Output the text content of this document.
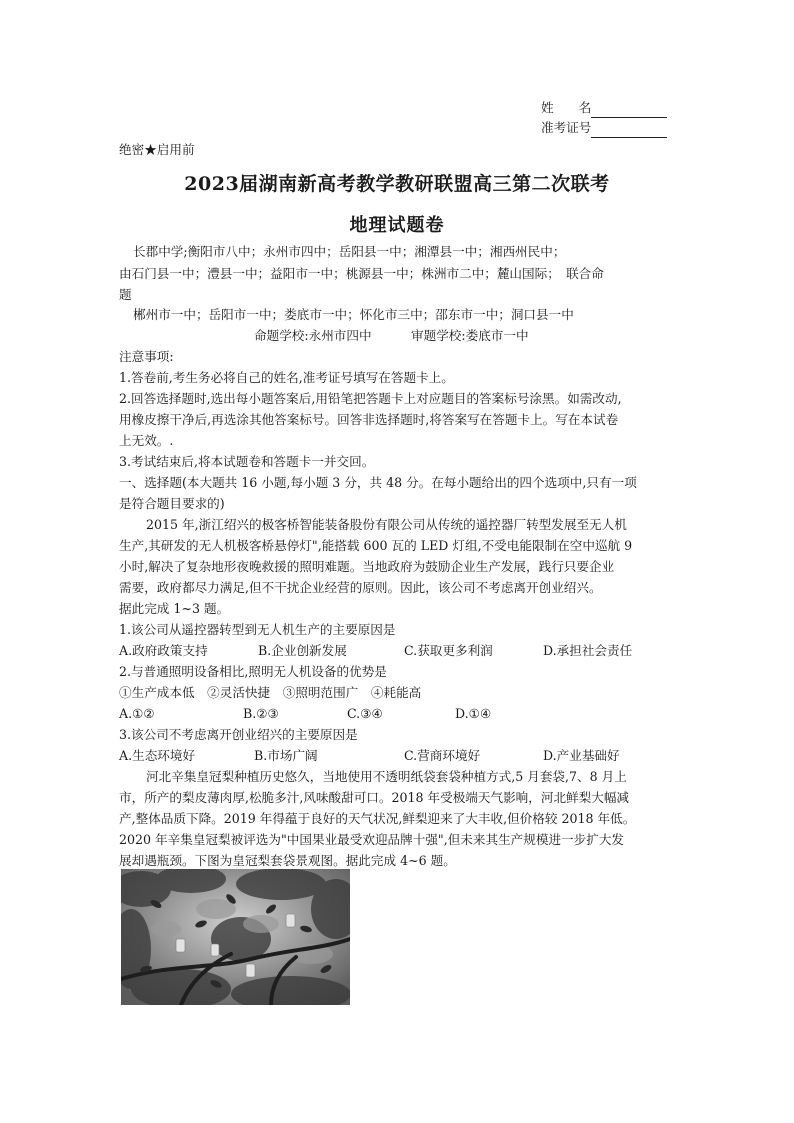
姓　　名
准考证号
绝密★启用前
2023届湖南新高考教学教研联盟高三第二次联考
地理试题卷
长郡中学;衡阳市八中；永州市四中；岳阳县一中；湘潭县一中；湘西州民中；
由石门县一中；澧县一中；益阳市一中；桃源县一中；株洲市二中；麓山国际；　联合命
题
郴州市一中；岳阳市一中；娄底市一中；怀化市三中；邵东市一中；洞口县一中
命题学校:永州市四中	审题学校:娄底市一中
注意事项:
1.答卷前,考生务必将自己的姓名,准考证号填写在答题卡上。
2.回答选择题时,选出每小题答案后,用铅笔把答题卡上对应题目的答案标号涂黑。如需改动,
用橡皮擦干净后,再选涂其他答案标号。回答非选择题时,将答案写在答题卡上。写在本试卷
上无效。.
3.考试结束后,将本试题卷和答题卡一并交回。
一、选择题(本大题共 16 小题,每小题 3 分，共 48 分。在每小题给出的四个选项中,只有一项
是符合题目要求的)
2015 年,浙江绍兴的极客桥智能装备股份有限公司从传统的遥控器厂转型发展至无人机
生产,其研发的无人机极客桥悬停灯",能搭载 600 瓦的 LED 灯组,不受电能限制在空中巡航 9
小时,解决了复杂地形夜晚救援的照明难题。当地政府为鼓励企业生产发展，践行只要企业
需要，政府都尽力满足,但不干扰企业经营的原则。因此，该公司不考虑离开创业绍兴。
据此完成 1~3 题。
1.该公司从遥控器转型到无人机生产的主要原因是
A.政府政策支持	B.企业创新发展	C.获取更多利润	D.承担社会责任
2.与普通照明设备相比,照明无人机设备的优势是
①生产成本低　②灵活快捷　③照明范围广　④耗能高
A.①②	B.②③	C.③④	D.①④
3.该公司不考虑离开创业绍兴的主要原因是
A.生态环境好	B.市场广阔	C.营商环境好	D.产业基础好
河北辛集皇冠梨种植历史悠久，当地使用不透明纸袋套袋种植方式,5 月套袋,7、8 月上
市，所产的梨皮薄肉厚,松脆多汁,风味酸甜可口。2018 年受极端天气影响，河北鲜梨大幅减
产,整体品质下降。2019 年得蕴于良好的天气状况,鲜梨迎来了大丰收,但价格较 2018 年低。
2020 年辛集皇冠梨被评选为"中国果业最受欢迎品牌十强",但未来其生产规模进一步扩大发
展却遇瓶颈。下图为皇冠梨套袋景观图。据此完成 4~6 题。
